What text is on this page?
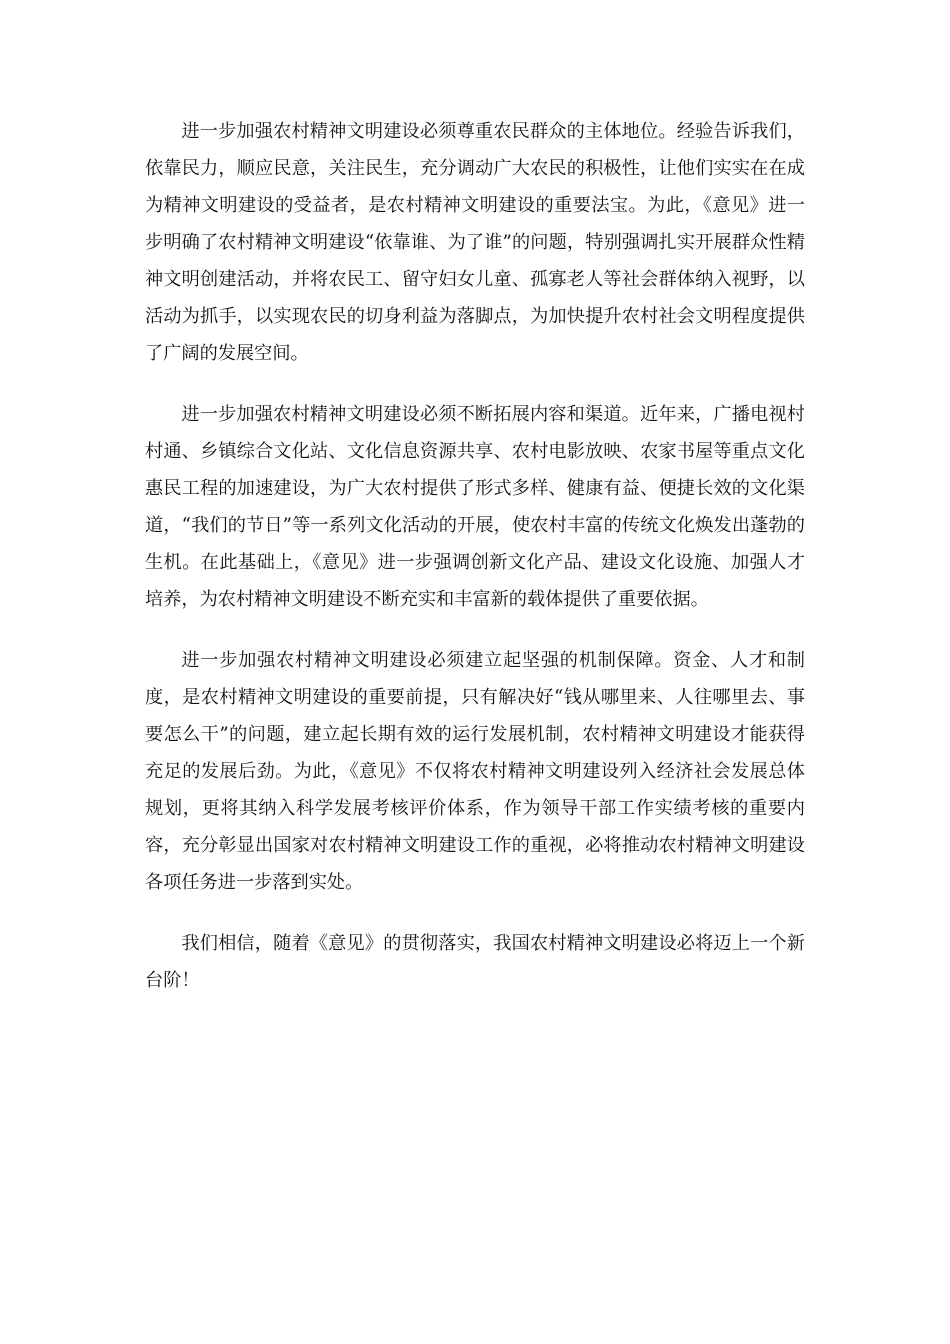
进一步加强农村精神文明建设必须尊重农民群众的主体地位。经验告诉我们，依靠民力，顺应民意，关注民生，充分调动广大农民的积极性，让他们实实在在成为精神文明建设的受益者，是农村精神文明建设的重要法宝。为此，《意见》进一步明确了农村精神文明建设“依靠谁、为了谁”的问题，特别强调扎实开展群众性精神文明创建活动，并将农民工、留守妇女儿童、孤寡老人等社会群体纳入视野，以活动为抓手，以实现农民的切身利益为落脚点，为加快提升农村社会文明程度提供了广阔的发展空间。

进一步加强农村精神文明建设必须不断拓展内容和渠道。近年来，广播电视村村通、乡镇综合文化站、文化信息资源共享、农村电影放映、农家书屋等重点文化惠民工程的加速建设，为广大农村提供了形式多样、健康有益、便捷长效的文化渠道，“我们的节日”等一系列文化活动的开展，使农村丰富的传统文化焕发出蓬勃的生机。在此基础上，《意见》进一步强调创新文化产品、建设文化设施、加强人才培养，为农村精神文明建设不断充实和丰富新的载体提供了重要依据。

进一步加强农村精神文明建设必须建立起坚强的机制保障。资金、人才和制度，是农村精神文明建设的重要前提，只有解决好“钱从哪里来、人往哪里去、事要怎么干”的问题，建立起长期有效的运行发展机制，农村精神文明建设才能获得充足的发展后劲。为此，《意见》不仅将农村精神文明建设列入经济社会发展总体规划，更将其纳入科学发展考核评价体系，作为领导干部工作实绩考核的重要内容，充分彰显出国家对农村精神文明建设工作的重视，必将推动农村精神文明建设各项任务进一步落到实处。

我们相信，随着《意见》的贯彻落实，我国农村精神文明建设必将迈上一个新台阶！
